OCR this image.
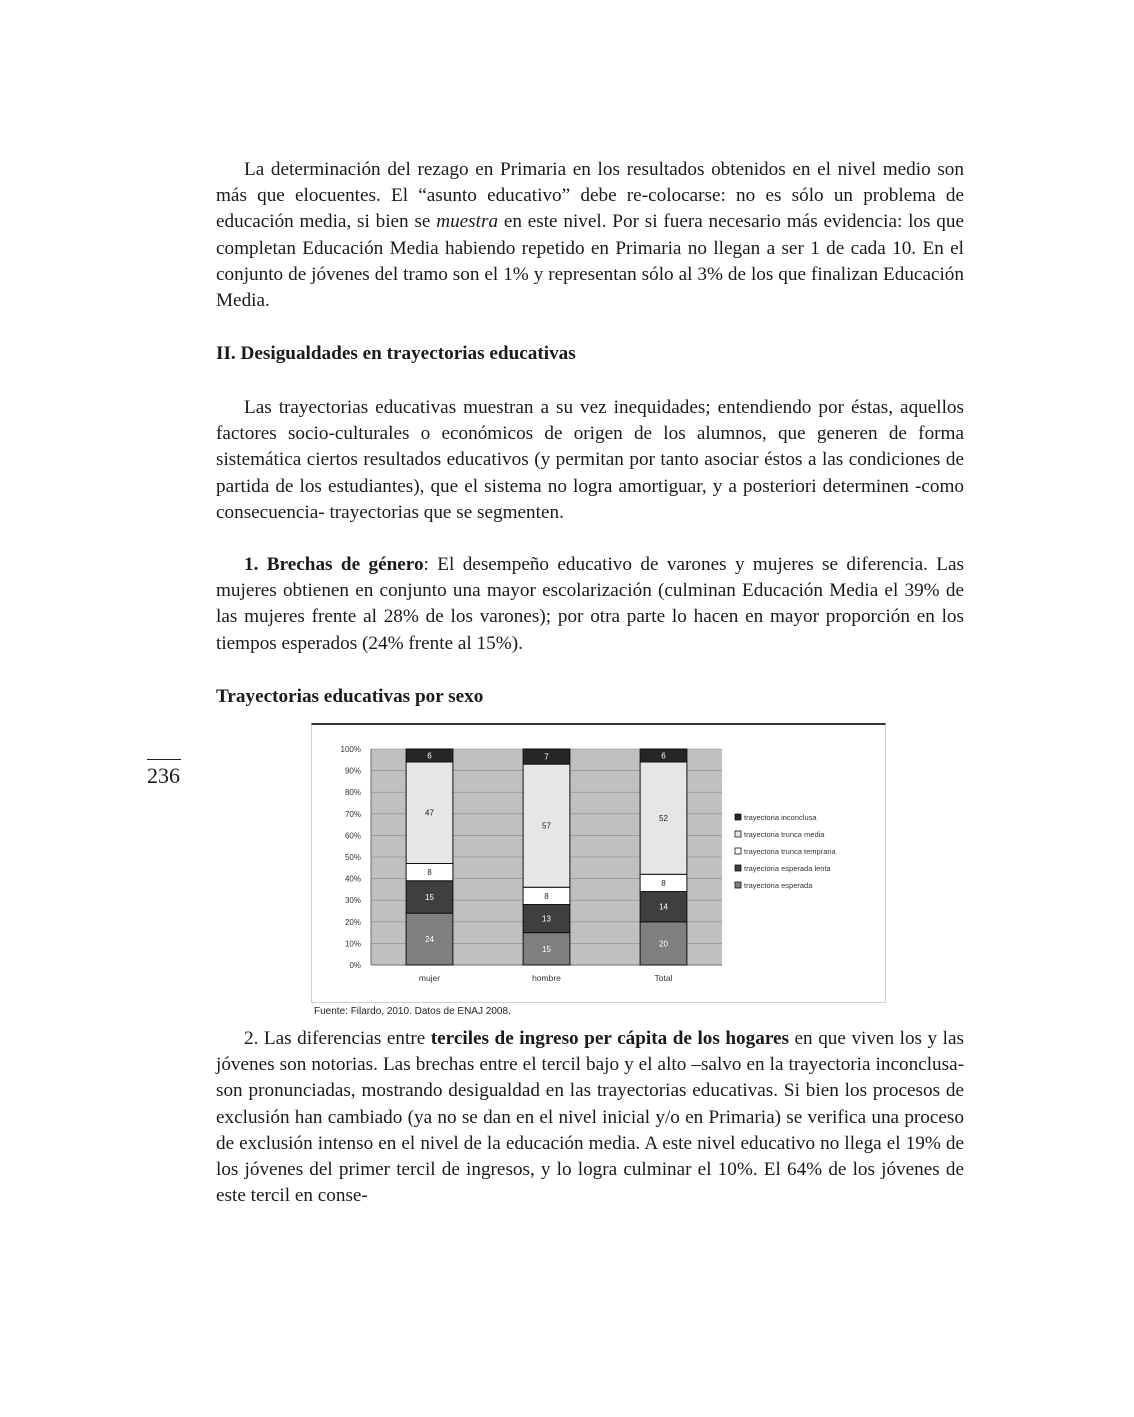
La determinación del rezago en Primaria en los resultados obtenidos en el nivel medio son más que elocuentes. El “asunto educativo” debe re-colocarse: no es sólo un problema de educación media, si bien se muestra en este nivel. Por si fuera necesario más evidencia: los que completan Educación Media habiendo repetido en Primaria no llegan a ser 1 de cada 10. En el conjunto de jóvenes del tramo son el 1% y representan sólo al 3% de los que finalizan Educación Media.

II. Desigualdades en trayectorias educativas

Las trayectorias educativas muestran a su vez inequidades; entendiendo por éstas, aquellos factores socio-culturales o económicos de origen de los alumnos, que generen de forma sistemática ciertos resultados educativos (y permitan por tanto asociar éstos a las condiciones de partida de los estudiantes), que el sistema no logra amortiguar, y a posteriori determinen -como consecuencia- trayectorias que se segmenten.

1. Brechas de género: El desempeño educativo de varones y mujeres se diferencia. Las mujeres obtienen en conjunto una mayor escolarización (culminan Educación Media el 39% de las mujeres frente al 28% de los varones); por otra parte lo hacen en mayor proporción en los tiempos esperados (24% frente al 15%).

Trayectorias educativas por sexo
236
0%
10%
20%
30%
40%
50%
60%
70%
80%
90%
100%
24
15
8
47
6
mujer
15
13
8
57
7
hombre
20
14
8
52
6
Total
trayectoria inconclusa
trayectoria trunca media
trayectoria trunca temprana
trayectoria esperada lenta
trayectoria esperada
Fuente: Filardo, 2010. Datos de ENAJ 2008.

2. Las diferencias entre terciles de ingreso per cápita de los hogares en que viven los y las jóvenes son notorias. Las brechas entre el tercil bajo y el alto –salvo en la trayectoria inconclusa- son pronunciadas, mostrando desigualdad en las trayectorias educativas. Si bien los procesos de exclusión han cambiado (ya no se dan en el nivel inicial y/o en Primaria) se verifica una proceso de exclusión intenso en el nivel de la educación media. A este nivel educativo no llega el 19% de los jóvenes del primer tercil de ingresos, y lo logra culminar el 10%. El 64% de los jóvenes de este tercil en conse-
